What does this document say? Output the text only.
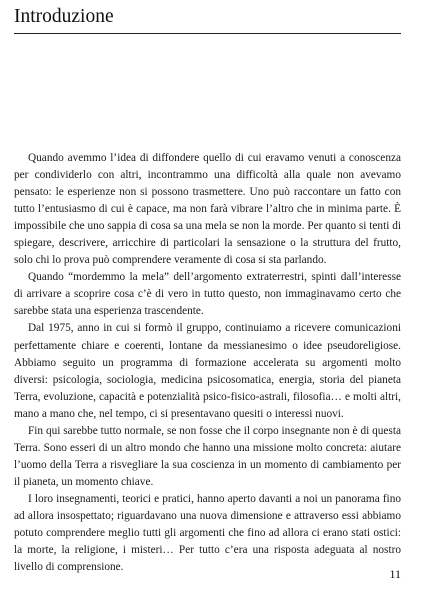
Introduzione

Quando avemmo l’idea di diffondere quello di cui eravamo venuti a conoscenza per condividerlo con altri, incontrammo una difficoltà alla quale non avevamo pensato: le esperienze non si possono trasmettere. Uno può raccontare un fatto con tutto l’entusiasmo di cui è capace, ma non farà vibrare l’altro che in minima parte. È impossibile che uno sappia di cosa sa una mela se non la morde. Per quanto si tenti di spiegare, descrivere, arricchire di particolari la sensazione o la struttura del frutto, solo chi lo prova può comprendere veramente di cosa si sta parlando.

Quando “mordemmo la mela” dell’argomento extraterrestri, spinti dall’interesse di arrivare a scoprire cosa c’è di vero in tutto questo, non immaginavamo certo che sarebbe stata una esperienza trascendente.

Dal 1975, anno in cui si formò il gruppo, continuiamo a ricevere comunicazioni perfettamente chiare e coerenti, lontane da messianesimo o idee pseudoreligiose. Abbiamo seguito un programma di formazione accelerata su argomenti molto diversi: psicologia, sociologia, medicina psicosomatica, energia, storia del pianeta Terra, evoluzione, capacità e potenzialità psico-fisico-astrali, filosofia… e molti altri, mano a mano che, nel tempo, ci si presentavano quesiti o interessi nuovi.

Fin qui sarebbe tutto normale, se non fosse che il corpo insegnante non è di questa Terra. Sono esseri di un altro mondo che hanno una missione molto concreta: aiutare l’uomo della Terra a risvegliare la sua coscienza in un momento di cambiamento per il pianeta, un momento chiave.

I loro insegnamenti, teorici e pratici, hanno aperto davanti a noi un panorama fino ad allora insospettato; riguardavano una nuova dimensione e attraverso essi abbiamo potuto comprendere meglio tutti gli argomenti che fino ad allora ci erano stati ostici: la morte, la religione, i misteri… Per tutto c’era una risposta adeguata al nostro livello di comprensione.	11
